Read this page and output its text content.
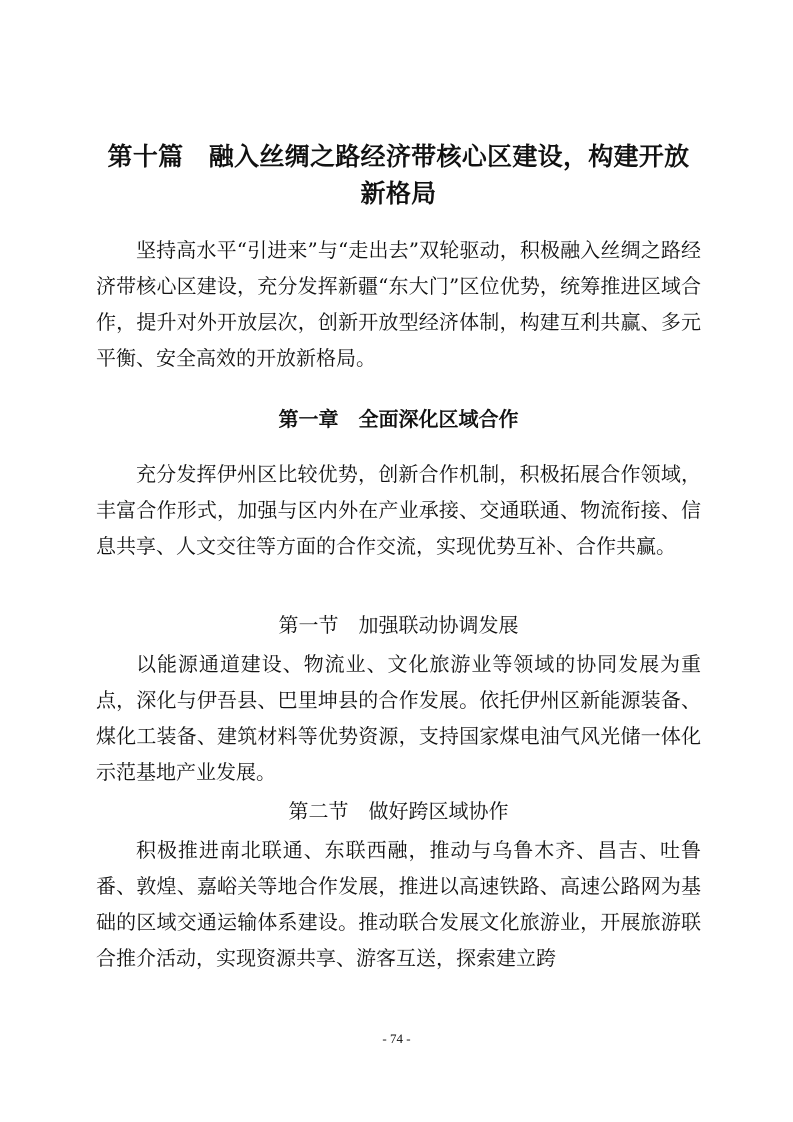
第十篇　融入丝绸之路经济带核心区建设，构建开放新格局

坚持高水平“引进来”与“走出去”双轮驱动，积极融入丝绸之路经济带核心区建设，充分发挥新疆“东大门”区位优势，统筹推进区域合作，提升对外开放层次，创新开放型经济体制，构建互利共赢、多元平衡、安全高效的开放新格局。

第一章　全面深化区域合作

充分发挥伊州区比较优势，创新合作机制，积极拓展合作领域，丰富合作形式，加强与区内外在产业承接、交通联通、物流衔接、信息共享、人文交往等方面的合作交流，实现优势互补、合作共赢。

第一节　加强联动协调发展

以能源通道建设、物流业、文化旅游业等领域的协同发展为重点，深化与伊吾县、巴里坤县的合作发展。依托伊州区新能源装备、煤化工装备、建筑材料等优势资源，支持国家煤电油气风光储一体化示范基地产业发展。

第二节　做好跨区域协作

积极推进南北联通、东联西融，推动与乌鲁木齐、昌吉、吐鲁番、敦煌、嘉峪关等地合作发展，推进以高速铁路、高速公路网为基础的区域交通运输体系建设。推动联合发展文化旅游业，开展旅游联合推介活动，实现资源共享、游客互送，探索建立跨

- 74 -
